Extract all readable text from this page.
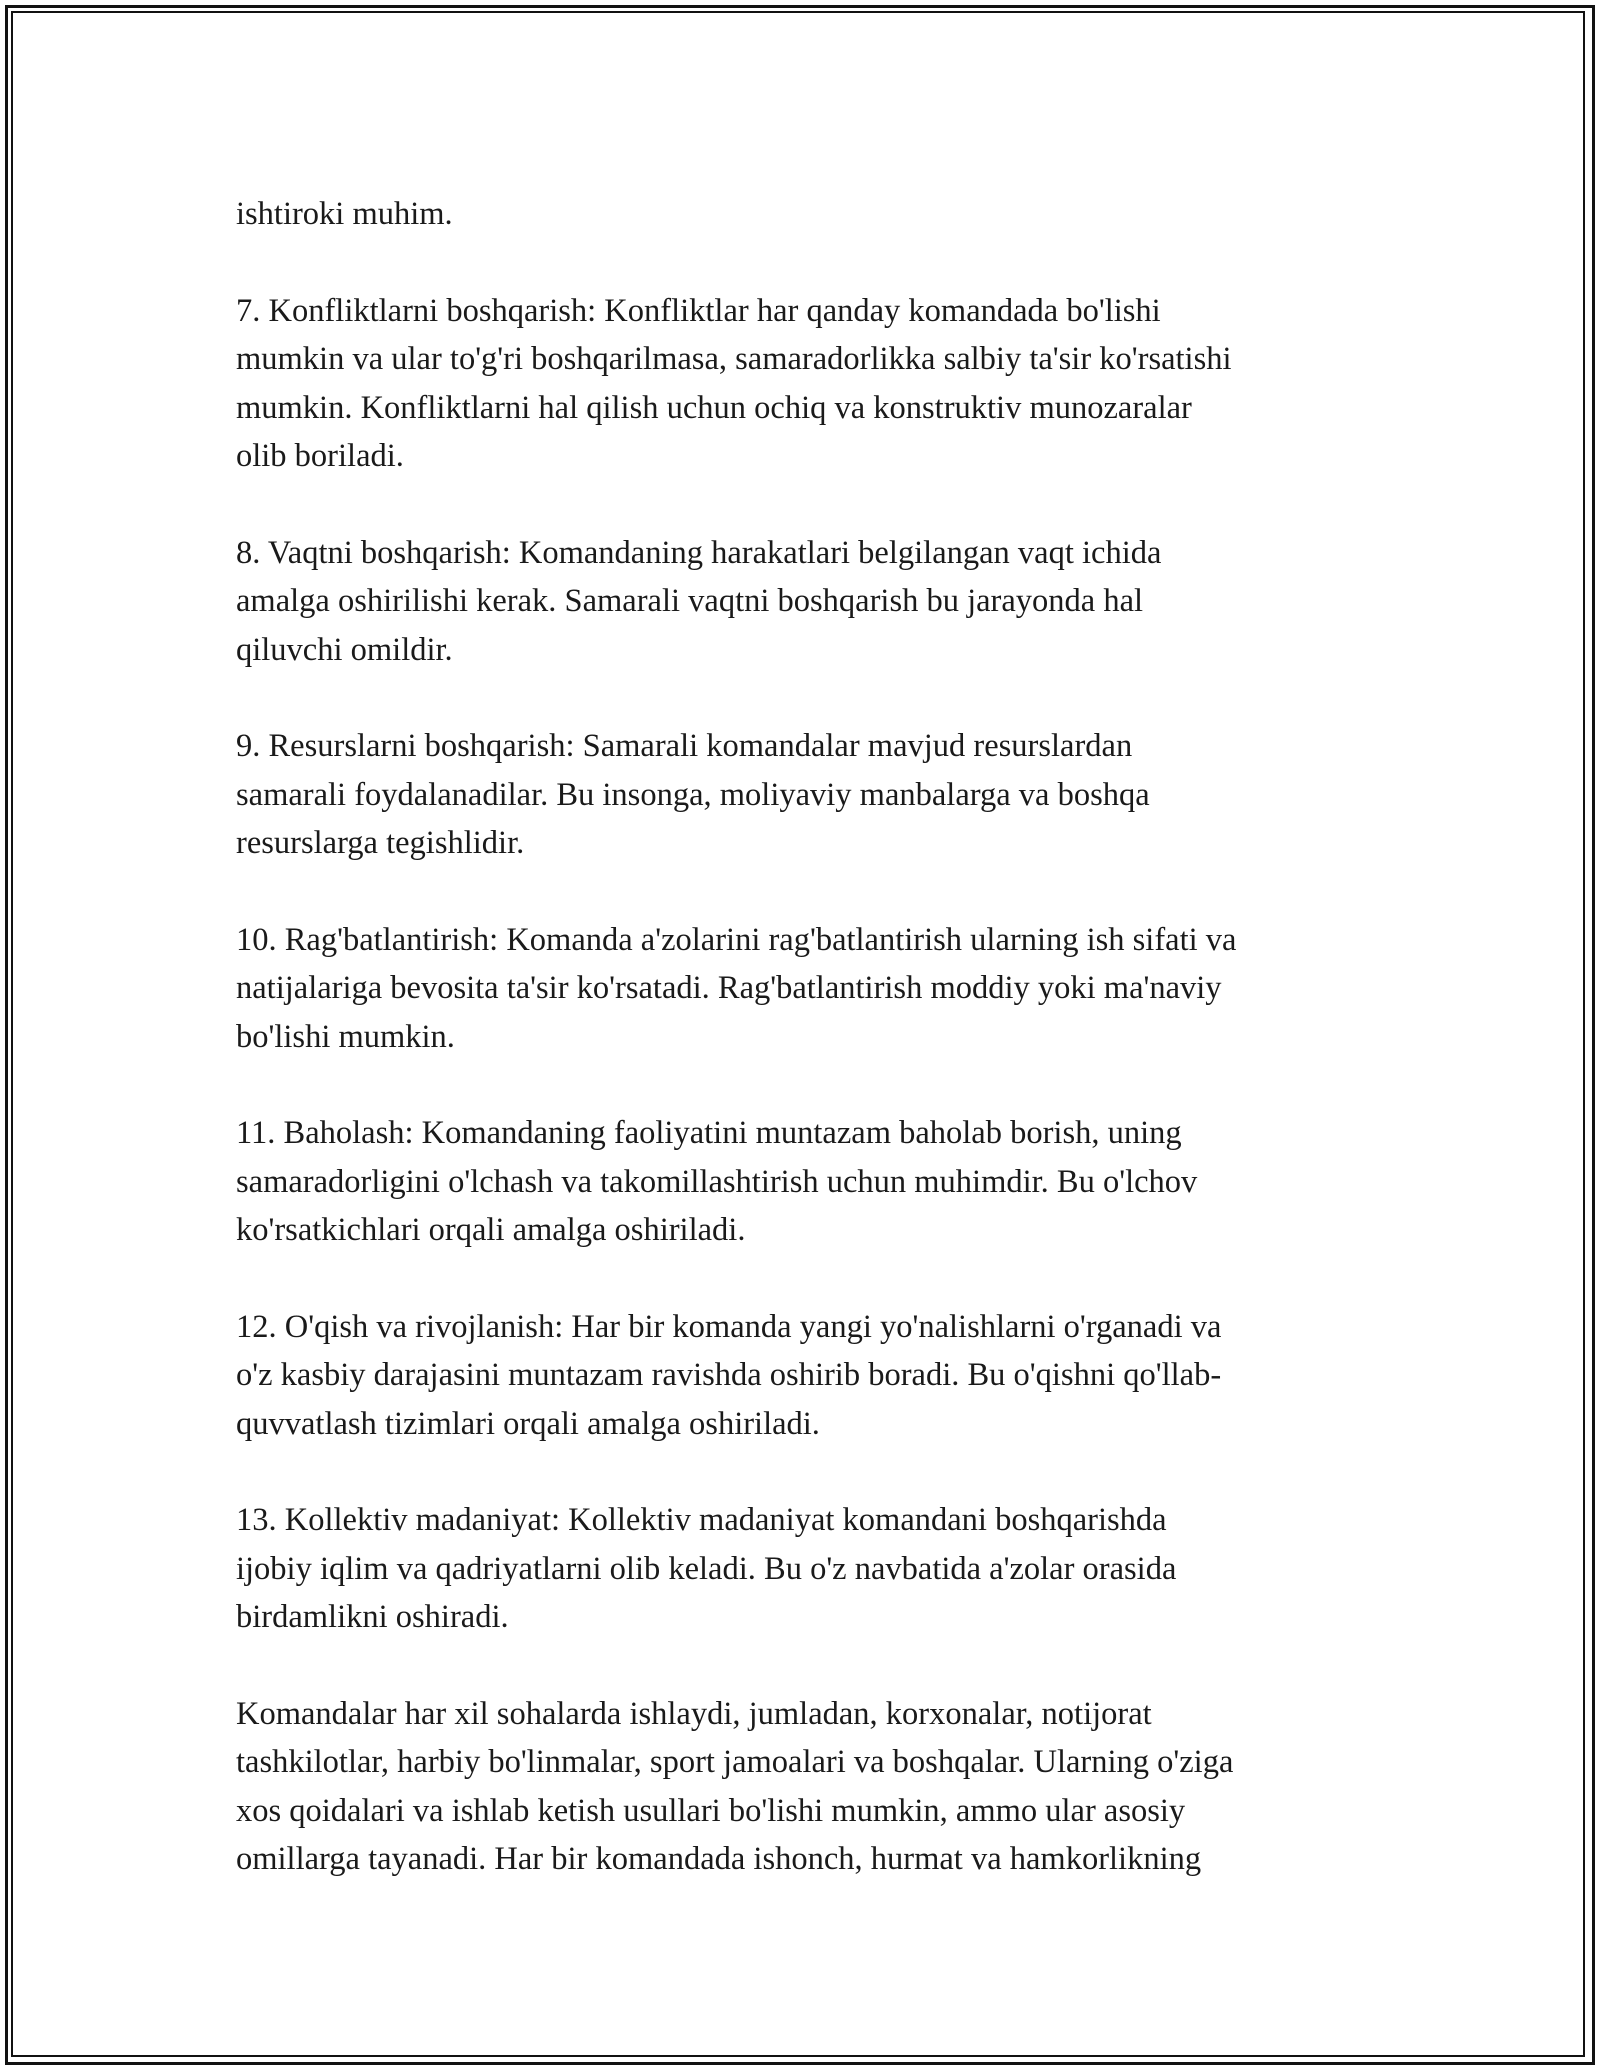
ishtiroki muhim.

7. Konfliktlarni boshqarish: Konfliktlar har qanday komandada bo'lishi
mumkin va ular to'g'ri boshqarilmasa, samaradorlikka salbiy ta'sir ko'rsatishi
mumkin. Konfliktlarni hal qilish uchun ochiq va konstruktiv munozaralar
olib boriladi.

8. Vaqtni boshqarish: Komandaning harakatlari belgilangan vaqt ichida
amalga oshirilishi kerak. Samarali vaqtni boshqarish bu jarayonda hal
qiluvchi omildir.

9. Resurslarni boshqarish: Samarali komandalar mavjud resurslardan
samarali foydalanadilar. Bu insonga, moliyaviy manbalarga va boshqa
resurslarga tegishlidir.

10. Rag'batlantirish: Komanda a'zolarini rag'batlantirish ularning ish sifati va
natijalariga bevosita ta'sir ko'rsatadi. Rag'batlantirish moddiy yoki ma'naviy
bo'lishi mumkin.

11. Baholash: Komandaning faoliyatini muntazam baholab borish, uning
samaradorligini o'lchash va takomillashtirish uchun muhimdir. Bu o'lchov
ko'rsatkichlari orqali amalga oshiriladi.

12. O'qish va rivojlanish: Har bir komanda yangi yo'nalishlarni o'rganadi va
o'z kasbiy darajasini muntazam ravishda oshirib boradi. Bu o'qishni qo'llab-
quvvatlash tizimlari orqali amalga oshiriladi.

13. Kollektiv madaniyat: Kollektiv madaniyat komandani boshqarishda
ijobiy iqlim va qadriyatlarni olib keladi. Bu o'z navbatida a'zolar orasida
birdamlikni oshiradi.

Komandalar har xil sohalarda ishlaydi, jumladan, korxonalar, notijorat
tashkilotlar, harbiy bo'linmalar, sport jamoalari va boshqalar. Ularning o'ziga
xos qoidalari va ishlab ketish usullari bo'lishi mumkin, ammo ular asosiy
omillarga tayanadi. Har bir komandada ishonch, hurmat va hamkorlikning
